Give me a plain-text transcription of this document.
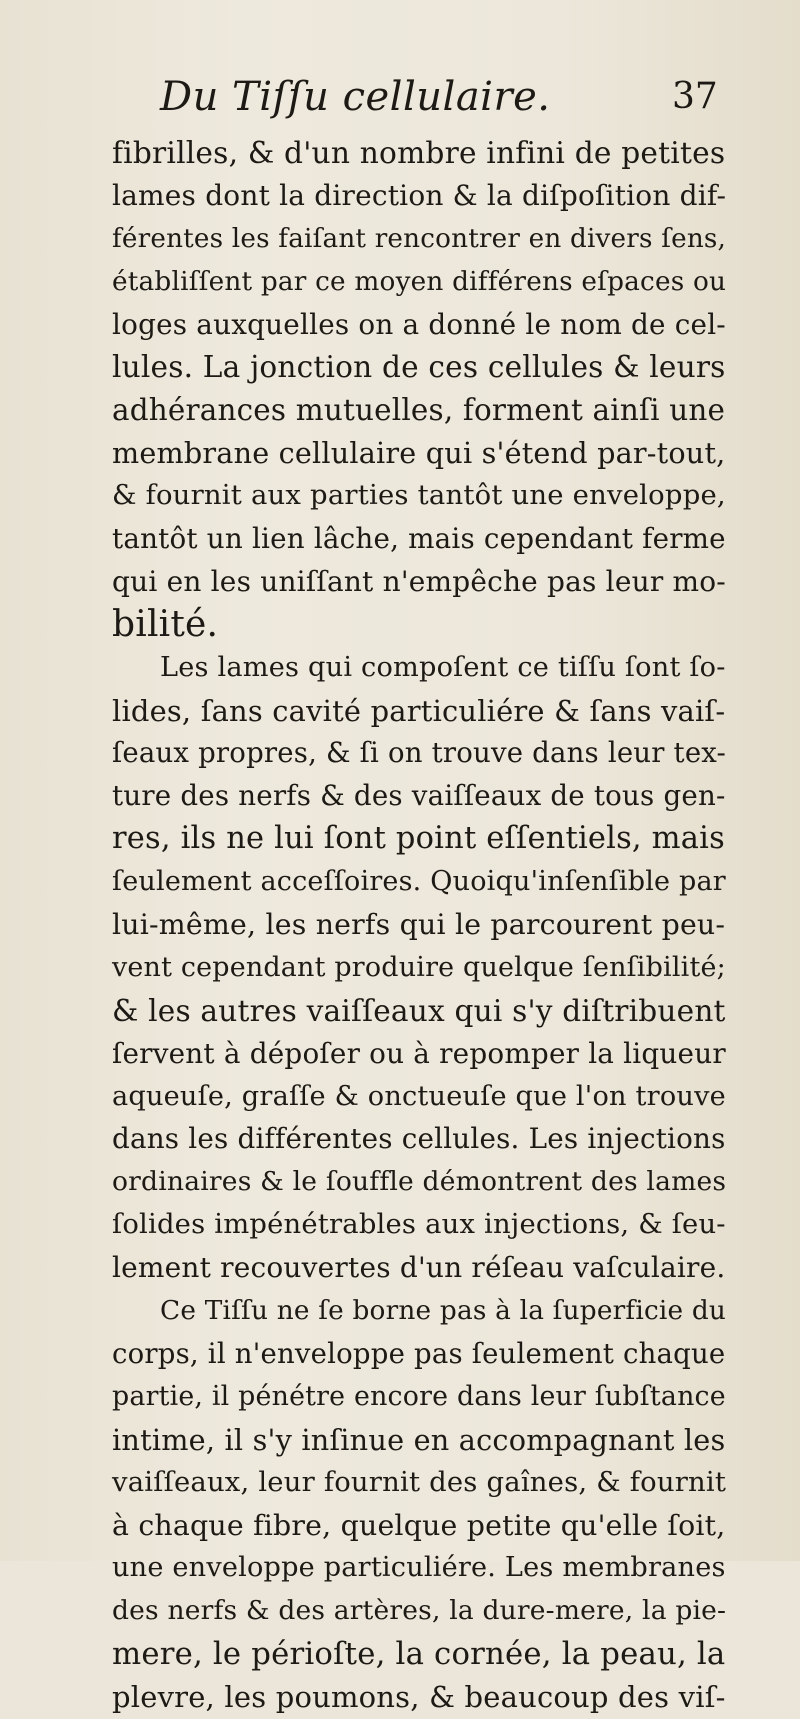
Du Tiſſu cellulaire.	37
fibrilles, & d'un nombre infini de petites
lames dont la direction & la diſpoſition dif-
férentes les faiſant rencontrer en divers ſens,
établiſſent par ce moyen différens eſpaces ou
loges auxquelles on a donné le nom de cel-
lules. La jonction de ces cellules & leurs
adhérances mutuelles, forment ainſi une
membrane cellulaire qui s'étend par-tout,
& fournit aux parties tantôt une enveloppe,
tantôt un lien lâche, mais cependant ferme
qui en les uniſſant n'empêche pas leur mo-
bilité.
Les lames qui compoſent ce tiſſu ſont ſo-
lides, ſans cavité particuliére & ſans vaiſ-
ſeaux propres, & ſi on trouve dans leur tex-
ture des nerfs & des vaiſſeaux de tous gen-
res, ils ne lui ſont point eſſentiels, mais
ſeulement acceſſoires. Quoiqu'inſenſible par
lui-même, les nerfs qui le parcourent peu-
vent cependant produire quelque ſenſibilité;
& les autres vaiſſeaux qui s'y diſtribuent
ſervent à dépoſer ou à repomper la liqueur
aqueuſe, graſſe & onctueuſe que l'on trouve
dans les différentes cellules. Les injections
ordinaires & le ſouffle démontrent des lames
ſolides impénétrables aux injections, & ſeu-
lement recouvertes d'un réſeau vaſculaire.
Ce Tiſſu ne ſe borne pas à la ſuperficie du
corps, il n'enveloppe pas ſeulement chaque
partie, il pénétre encore dans leur ſubſtance
intime, il s'y inſinue en accompagnant les
vaiſſeaux, leur fournit des gaînes, & fournit
à chaque fibre, quelque petite qu'elle ſoit,
une enveloppe particuliére. Les membranes
des nerfs & des artères, la dure-mere, la pie-
mere, le périoſte, la cornée, la peau, la
plevre, les poumons, & beaucoup des viſ-
